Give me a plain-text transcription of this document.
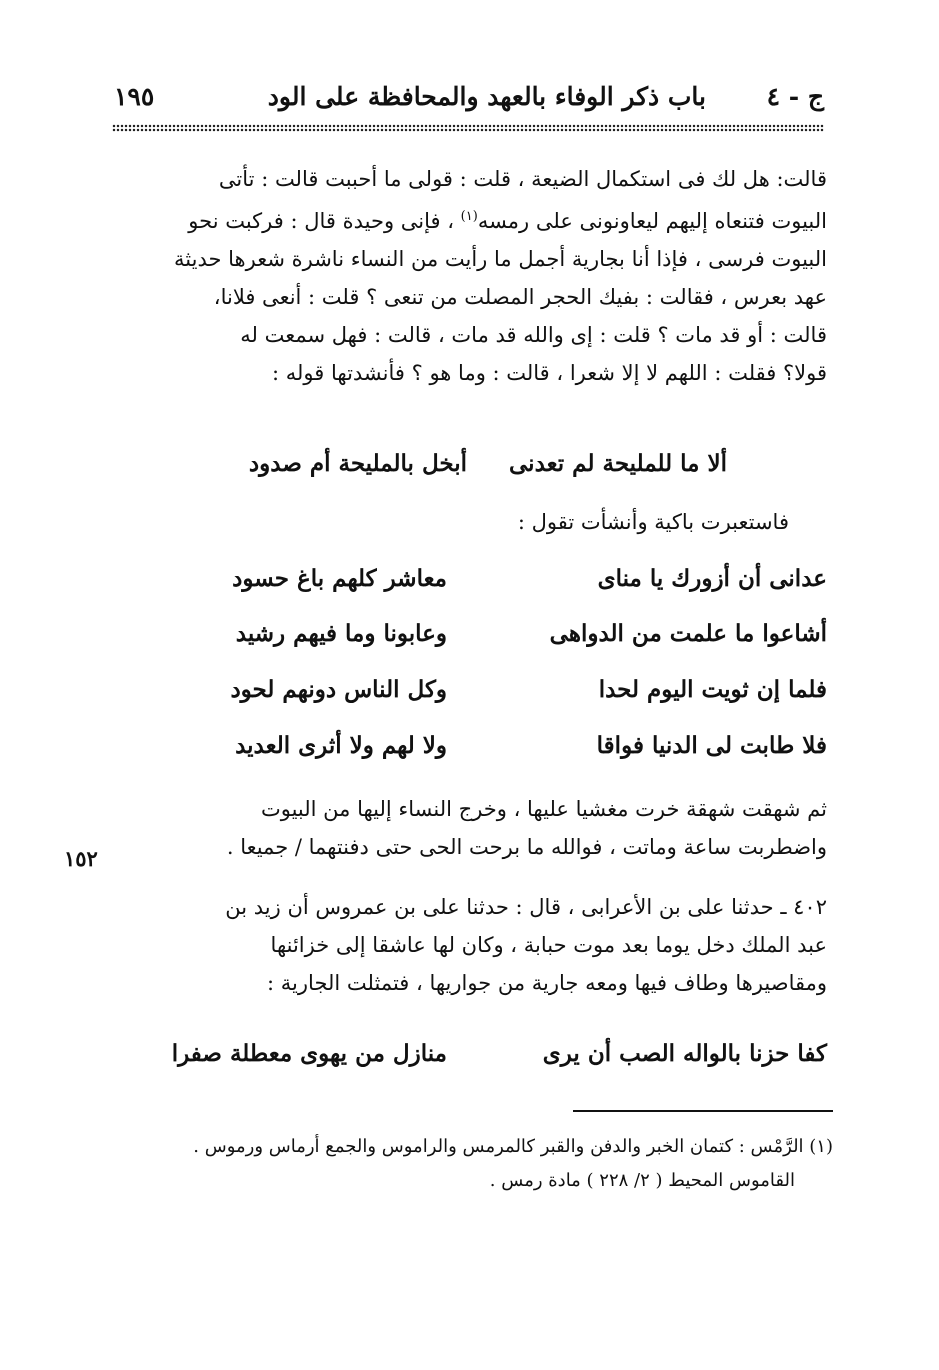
ج - ٤
باب ذكر الوفاء بالعهد والمحافظة على الود
١٩٥

قالت: هل لك فى استكمال الضيعة ، قلت : قولى ما أحببت قالت : تأتى

البيوت فتنعاه إليهم ليعاونونى على رمسه$^{(١)}$ ، فإنى وحيدة قال : فركبت نحو

البيوت فرسى ، فإذا أنا بجارية أجمل ما رأيت من النساء ناشرة شعرها حديثة

عهد بعرس ، فقالت : بفيك الحجر المصلت من تنعى ؟ قلت : أنعى فلانا،

قالت : أو قد مات ؟ قلت : إى والله قد مات ، قالت : فهل سمعت له

قولا؟ فقلت : اللهم لا إلا شعرا ، قالت : وما هو ؟ فأنشدتها قوله :

ألا ما للمليحة لم تعدنى
أبخل بالمليحة أم صدود
فاستعبرت باكية وأنشأت تقول :
عدانى أن أزورك يا مناى
معاشر كلهم باغ حسود
أشاعوا ما علمت من الدواهى
وعابونا وما فيهم رشيد
فلما إن ثويت اليوم لحدا
وكل الناس دونهم لحود
فلا طابت لى الدنيا فواقا
ولا لهم ولا أثرى العديد

ثم شهقت شهقة خرت مغشيا عليها ، وخرج النساء إليها من البيوت

واضطربت ساعة وماتت ، فوالله ما برحت الحى حتى دفنتهما / جميعا .

١٥٢

٤٠٢ ـ حدثنا على بن الأعرابى ، قال : حدثنا على بن عمروس أن زيد بن

عبد الملك دخل يوما بعد موت حبابة ، وكان لها عاشقا إلى خزائنها

ومقاصيرها وطاف فيها ومعه جارية من جواريها ، فتمثلت الجارية :

كفا حزنا بالواله الصب أن يرى
منازل من يهوى معطلة صفرا

(١) الرَّمْس : كتمان الخبر والدفن والقبر كالمرمس والراموس والجمع أرماس ورموس .

القاموس المحيط ( ٢/ ٢٢٨ ) مادة رمس .
